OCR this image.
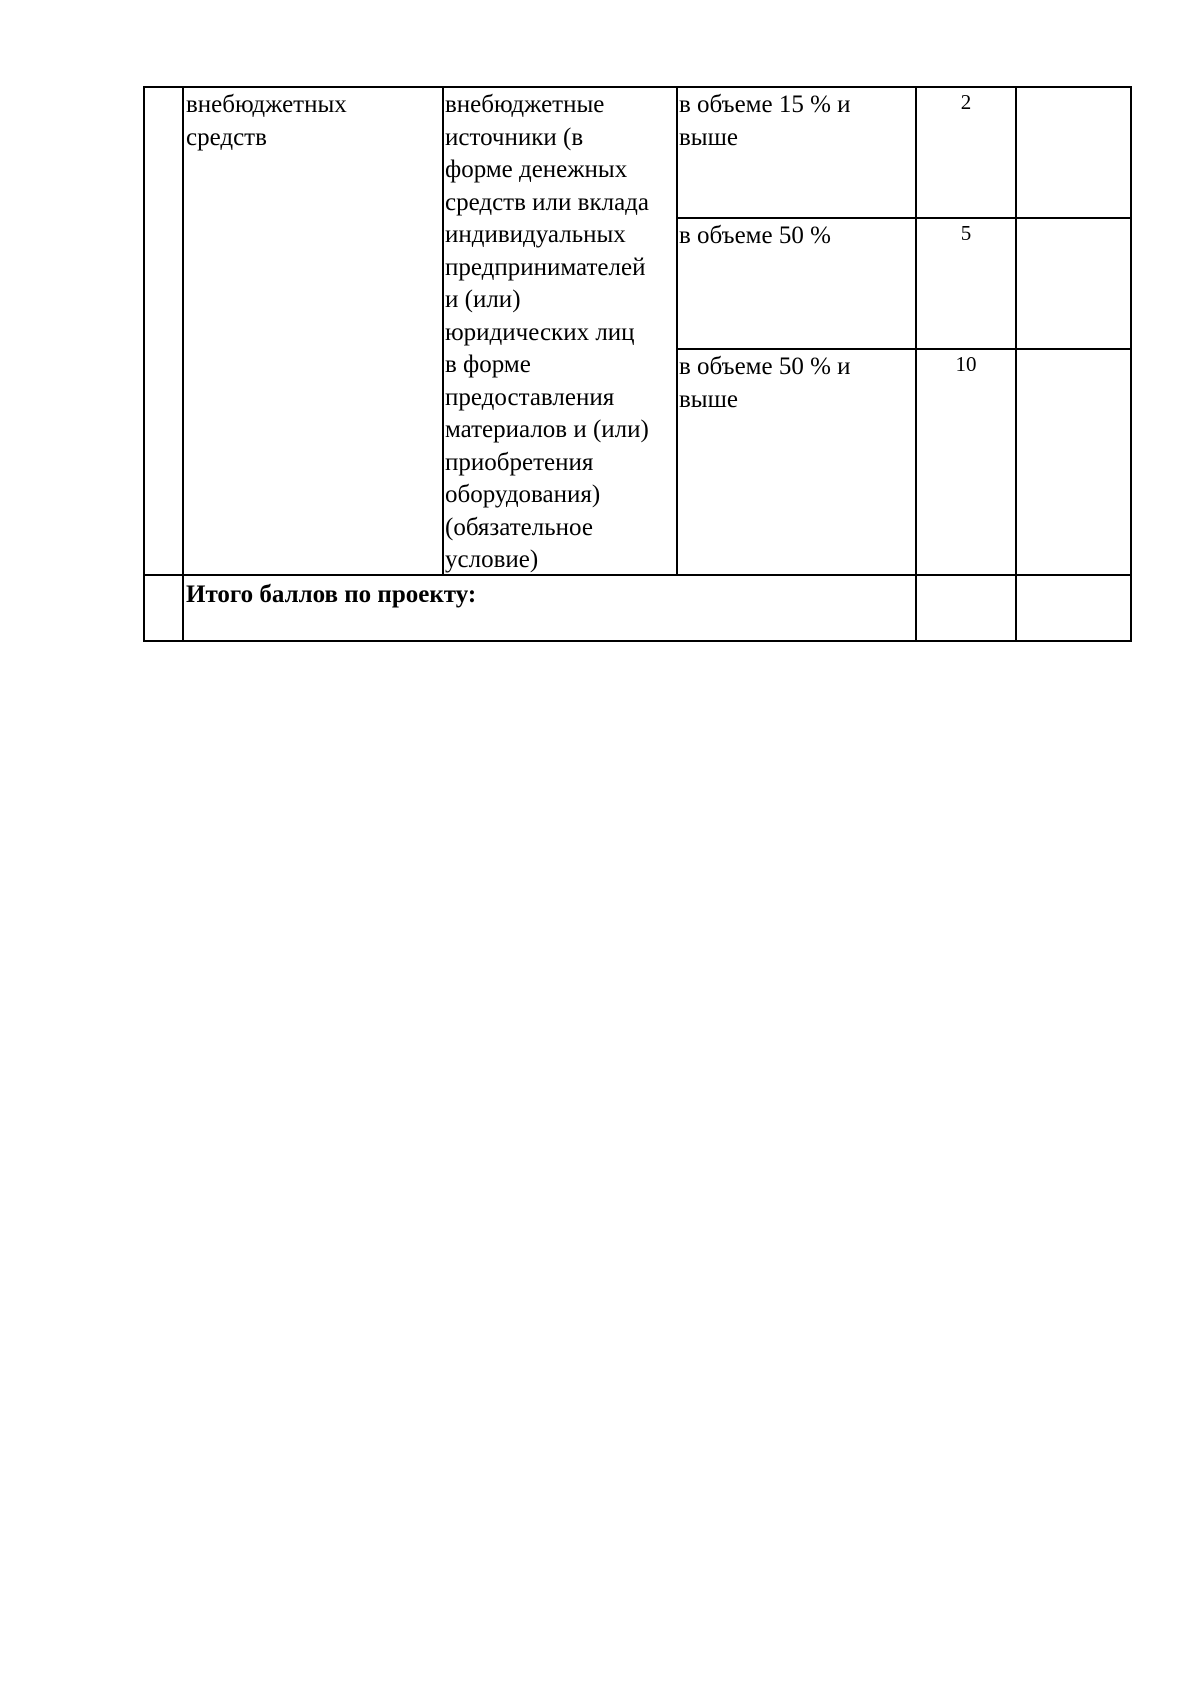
внебюджетных
средств
внебюджетные
источники (в
форме денежных
средств или вклада
индивидуальных
предпринимателей
и (или)
юридических лиц
в форме
предоставления
материалов и (или)
приобретения
оборудования)
(обязательное
условие)
в объеме 15 % и
выше
2
в объеме 50 %	5
в объеме 50 % и
выше
10
Итого баллов по проекту:
